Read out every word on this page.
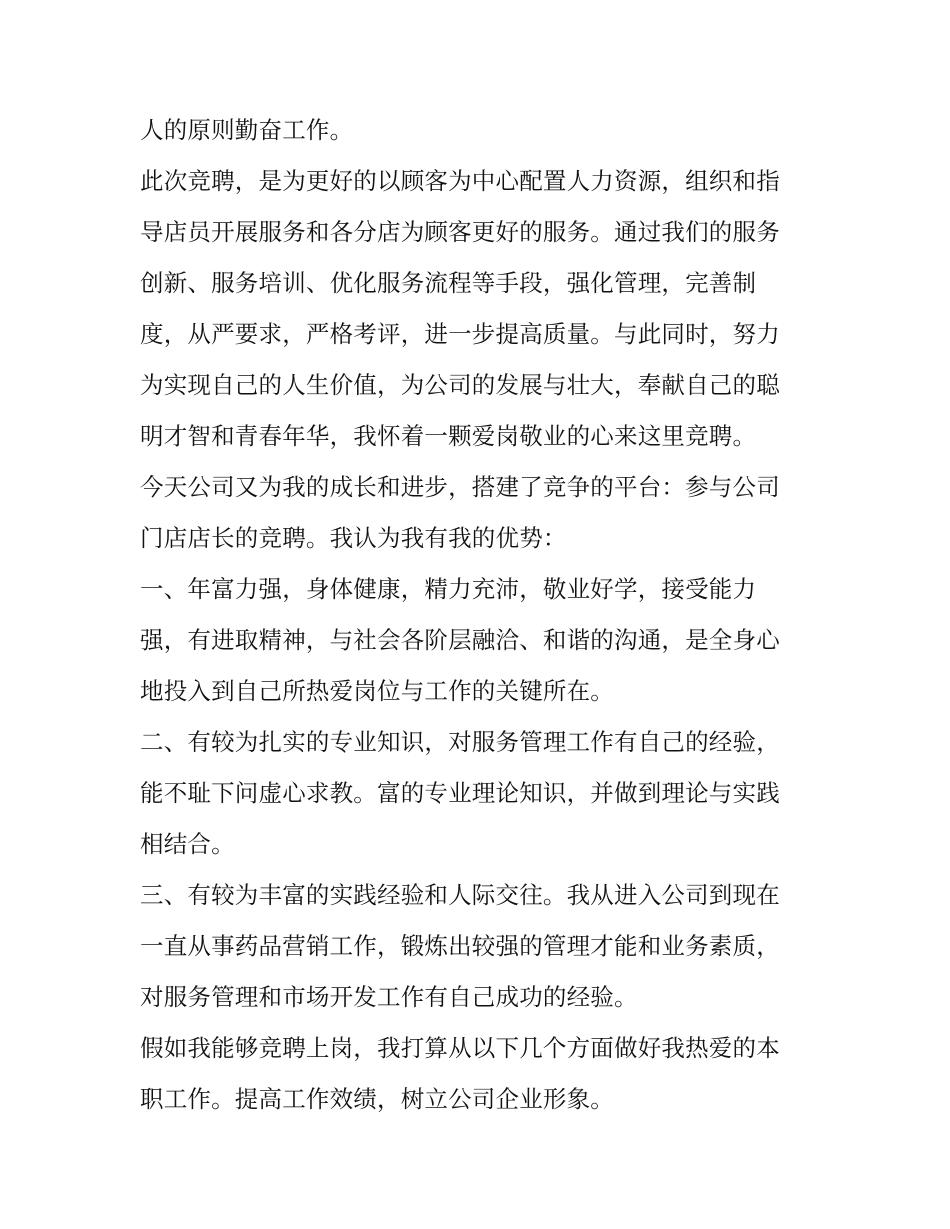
人的原则勤奋工作。
此次竞聘，是为更好的以顾客为中心配置人力资源，组织和指
导店员开展服务和各分店为顾客更好的服务。通过我们的服务
创新、服务培训、优化服务流程等手段，强化管理，完善制
度，从严要求，严格考评，进一步提高质量。与此同时，努力
为实现自己的人生价值，为公司的发展与壮大，奉献自己的聪
明才智和青春年华，我怀着一颗爱岗敬业的心来这里竞聘。
今天公司又为我的成长和进步，搭建了竞争的平台：参与公司
门店店长的竞聘。我认为我有我的优势：
一、年富力强，身体健康，精力充沛，敬业好学，接受能力
强，有进取精神，与社会各阶层融洽、和谐的沟通，是全身心
地投入到自己所热爱岗位与工作的关键所在。
二、有较为扎实的专业知识，对服务管理工作有自己的经验，
能不耻下问虚心求教。富的专业理论知识，并做到理论与实践
相结合。
三、有较为丰富的实践经验和人际交往。我从进入公司到现在
一直从事药品营销工作，锻炼出较强的管理才能和业务素质，
对服务管理和市场开发工作有自己成功的经验。
假如我能够竞聘上岗，我打算从以下几个方面做好我热爱的本
职工作。提高工作效绩，树立公司企业形象。
